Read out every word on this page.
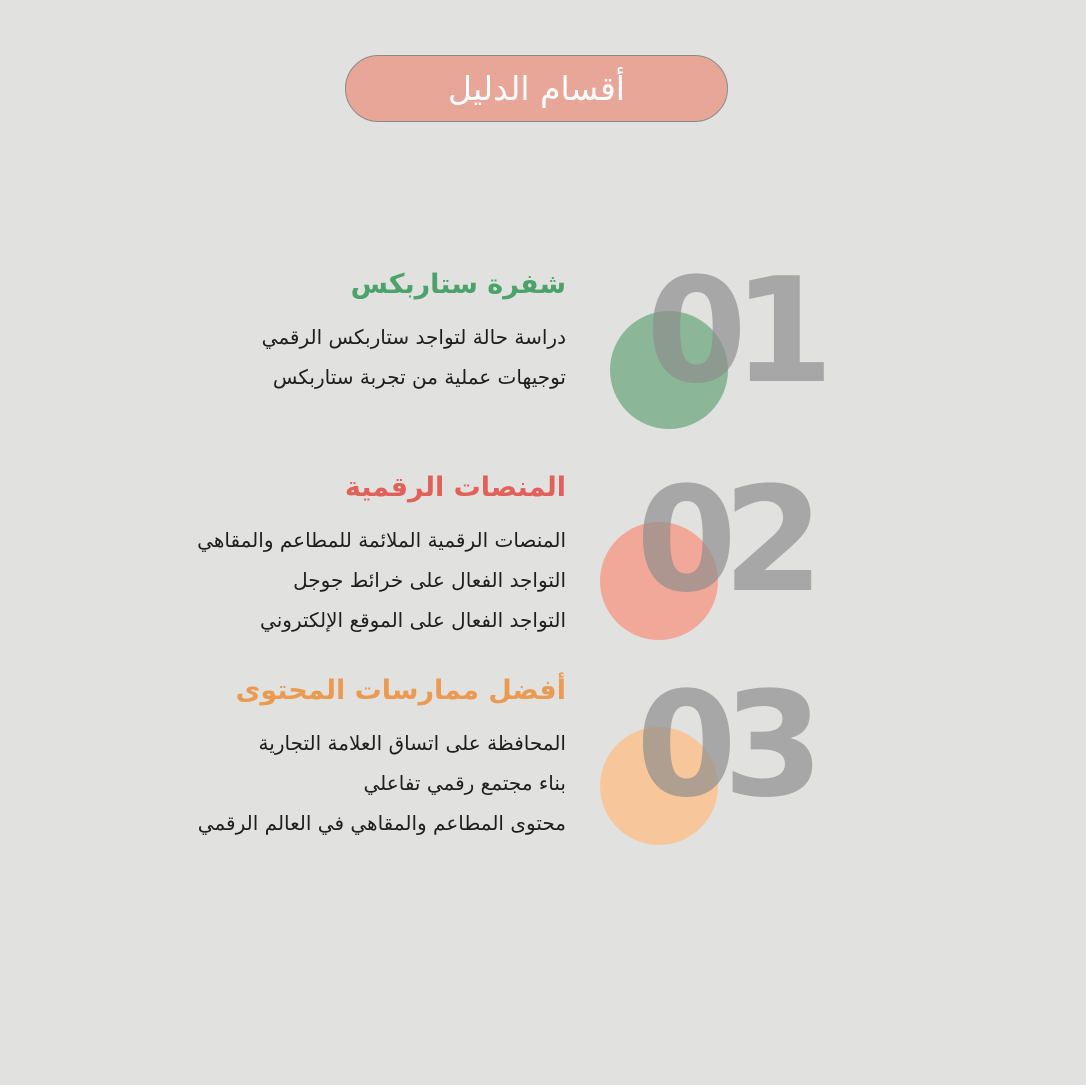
أقسام الدليل
01
شفرة ستاربكس
دراسة حالة لتواجد ستاربكس الرقمي
توجيهات عملية من تجربة ستاربكس
02
المنصات الرقمية
المنصات الرقمية الملائمة للمطاعم والمقاهي
التواجد الفعال على خرائط جوجل
التواجد الفعال على الموقع الإلكتروني
03
أفضل ممارسات المحتوى
المحافظة على اتساق العلامة التجارية
بناء مجتمع رقمي تفاعلي
محتوى المطاعم والمقاهي في العالم الرقمي
